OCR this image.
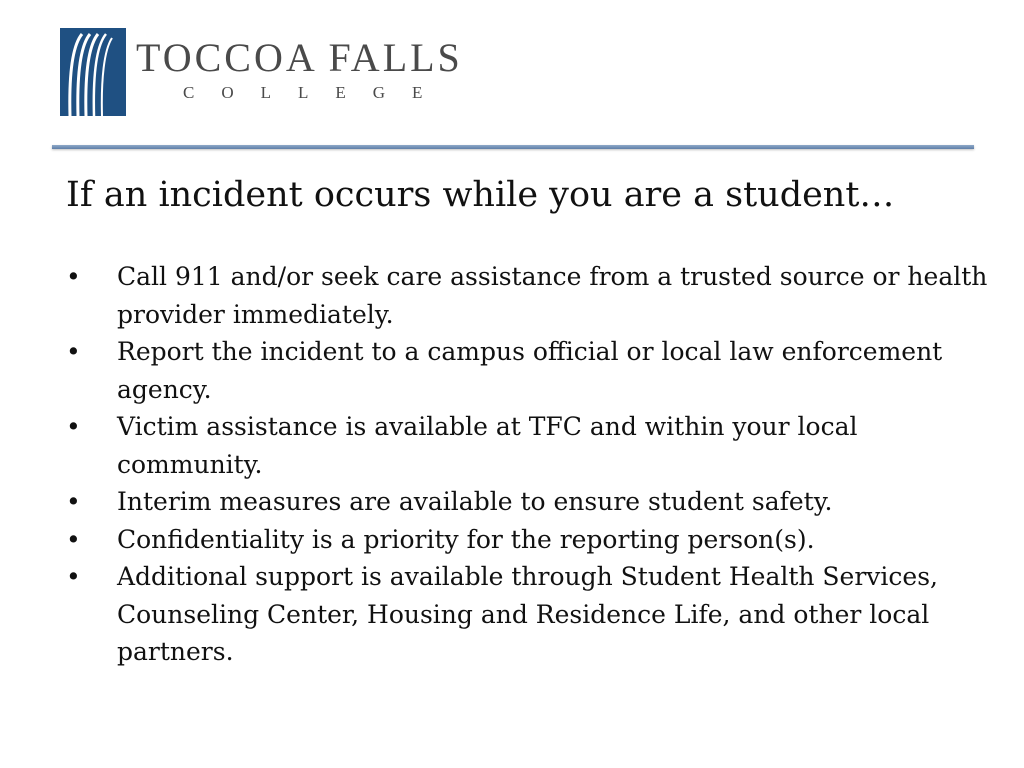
TOCCOA FALLS
COLLEGE
If an incident occurs while you are a student…
• Call 911 and/or seek care assistance from a trusted source or health provider immediately.
• Report the incident to a campus official or local law enforcement agency.
• Victim assistance is available at TFC and within your local community.
• Interim measures are available to ensure student safety.
• Confidentiality is a priority for the reporting person(s).
• Additional support is available through Student Health Services, Counseling Center, Housing and Residence Life, and other local partners.
